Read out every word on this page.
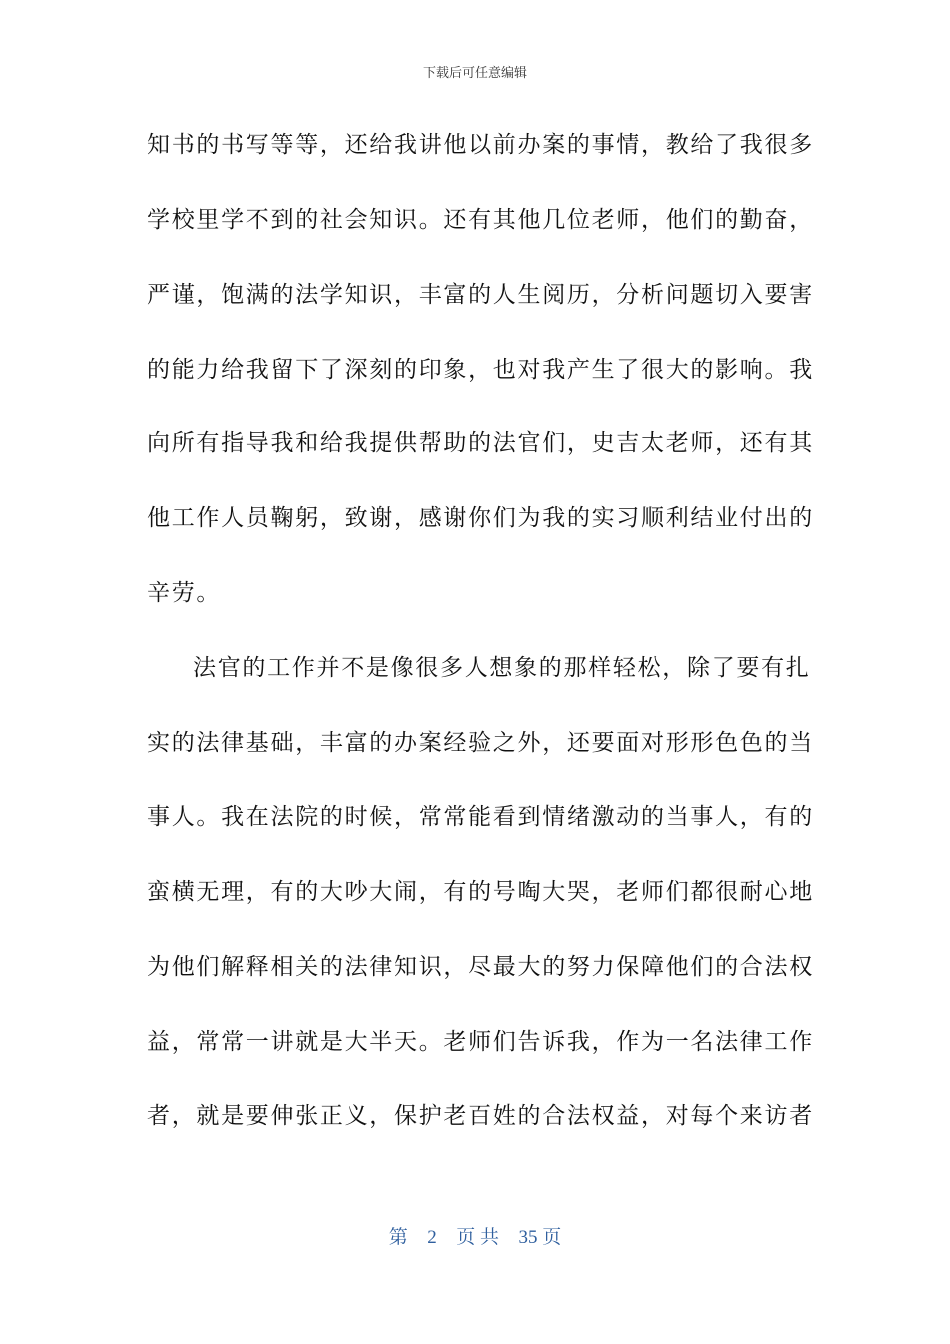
下载后可任意编辑
知书的书写等等，还给我讲他以前办案的事情，教给了我很多
学校里学不到的社会知识。还有其他几位老师，他们的勤奋，
严谨，饱满的法学知识，丰富的人生阅历，分析问题切入要害
的能力给我留下了深刻的印象，也对我产生了很大的影响。我
向所有指导我和给我提供帮助的法官们，史吉太老师，还有其
他工作人员鞠躬，致谢，感谢你们为我的实习顺利结业付出的
辛劳。
法官的工作并不是像很多人想象的那样轻松，除了要有扎
实的法律基础，丰富的办案经验之外，还要面对形形色色的当
事人。我在法院的时候，常常能看到情绪激动的当事人，有的
蛮横无理，有的大吵大闹，有的号啕大哭，老师们都很耐心地
为他们解释相关的法律知识，尽最大的努力保障他们的合法权
益，常常一讲就是大半天。老师们告诉我，作为一名法律工作
者，就是要伸张正义，保护老百姓的合法权益，对每个来访者
第 2 页 共 35 页
